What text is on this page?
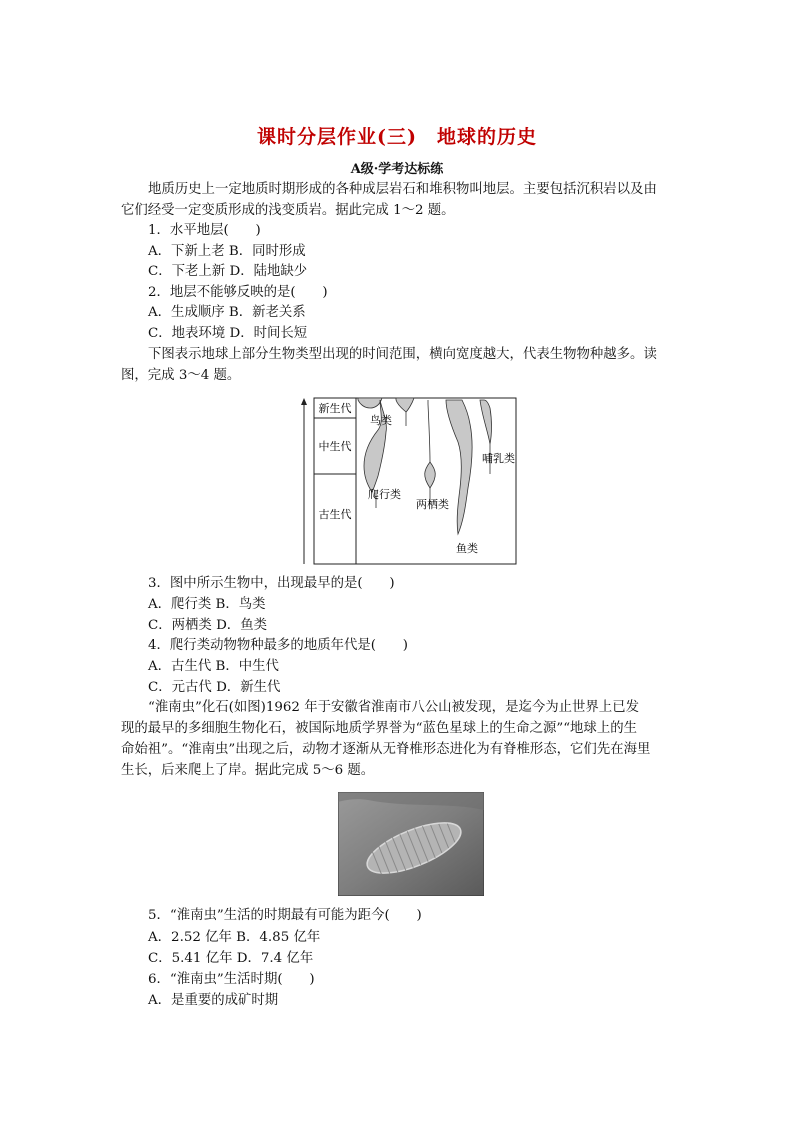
课时分层作业(三)　地球的历史
A级·学考达标练
地质历史上一定地质时期形成的各种成层岩石和堆积物叫地层。主要包括沉积岩以及由
它们经受一定变质形成的浅变质岩。据此完成 1～2 题。
1．水平地层(　　)
A．下新上老 B．同时形成
C．下老上新 D．陆地缺少
2．地层不能够反映的是(　　)
A．生成顺序 B．新老关系
C．地表环境 D．时间长短
下图表示地球上部分生物类型出现的时间范围，横向宽度越大，代表生物物种越多。读
图，完成 3～4 题。
新生代
中生代
古生代
鸟类
哺乳类
爬行类
两栖类
鱼类
3．图中所示生物中，出现最早的是(　　)
A．爬行类 B．鸟类
C．两栖类 D．鱼类
4．爬行类动物物种最多的地质年代是(　　)
A．古生代 B．中生代
C．元古代 D．新生代
“淮南虫”化石(如图)1962 年于安徽省淮南市八公山被发现，是迄今为止世界上已发
现的最早的多细胞生物化石，被国际地质学界誉为“蓝色星球上的生命之源”“地球上的生
命始祖”。“淮南虫”出现之后，动物才逐渐从无脊椎形态进化为有脊椎形态，它们先在海里
生长，后来爬上了岸。据此完成 5～6 题。
5．“淮南虫”生活的时期最有可能为距今(　　)
A．2.52 亿年 B．4.85 亿年
C．5.41 亿年 D．7.4 亿年
6．“淮南虫”生活时期(　　)
A．是重要的成矿时期
